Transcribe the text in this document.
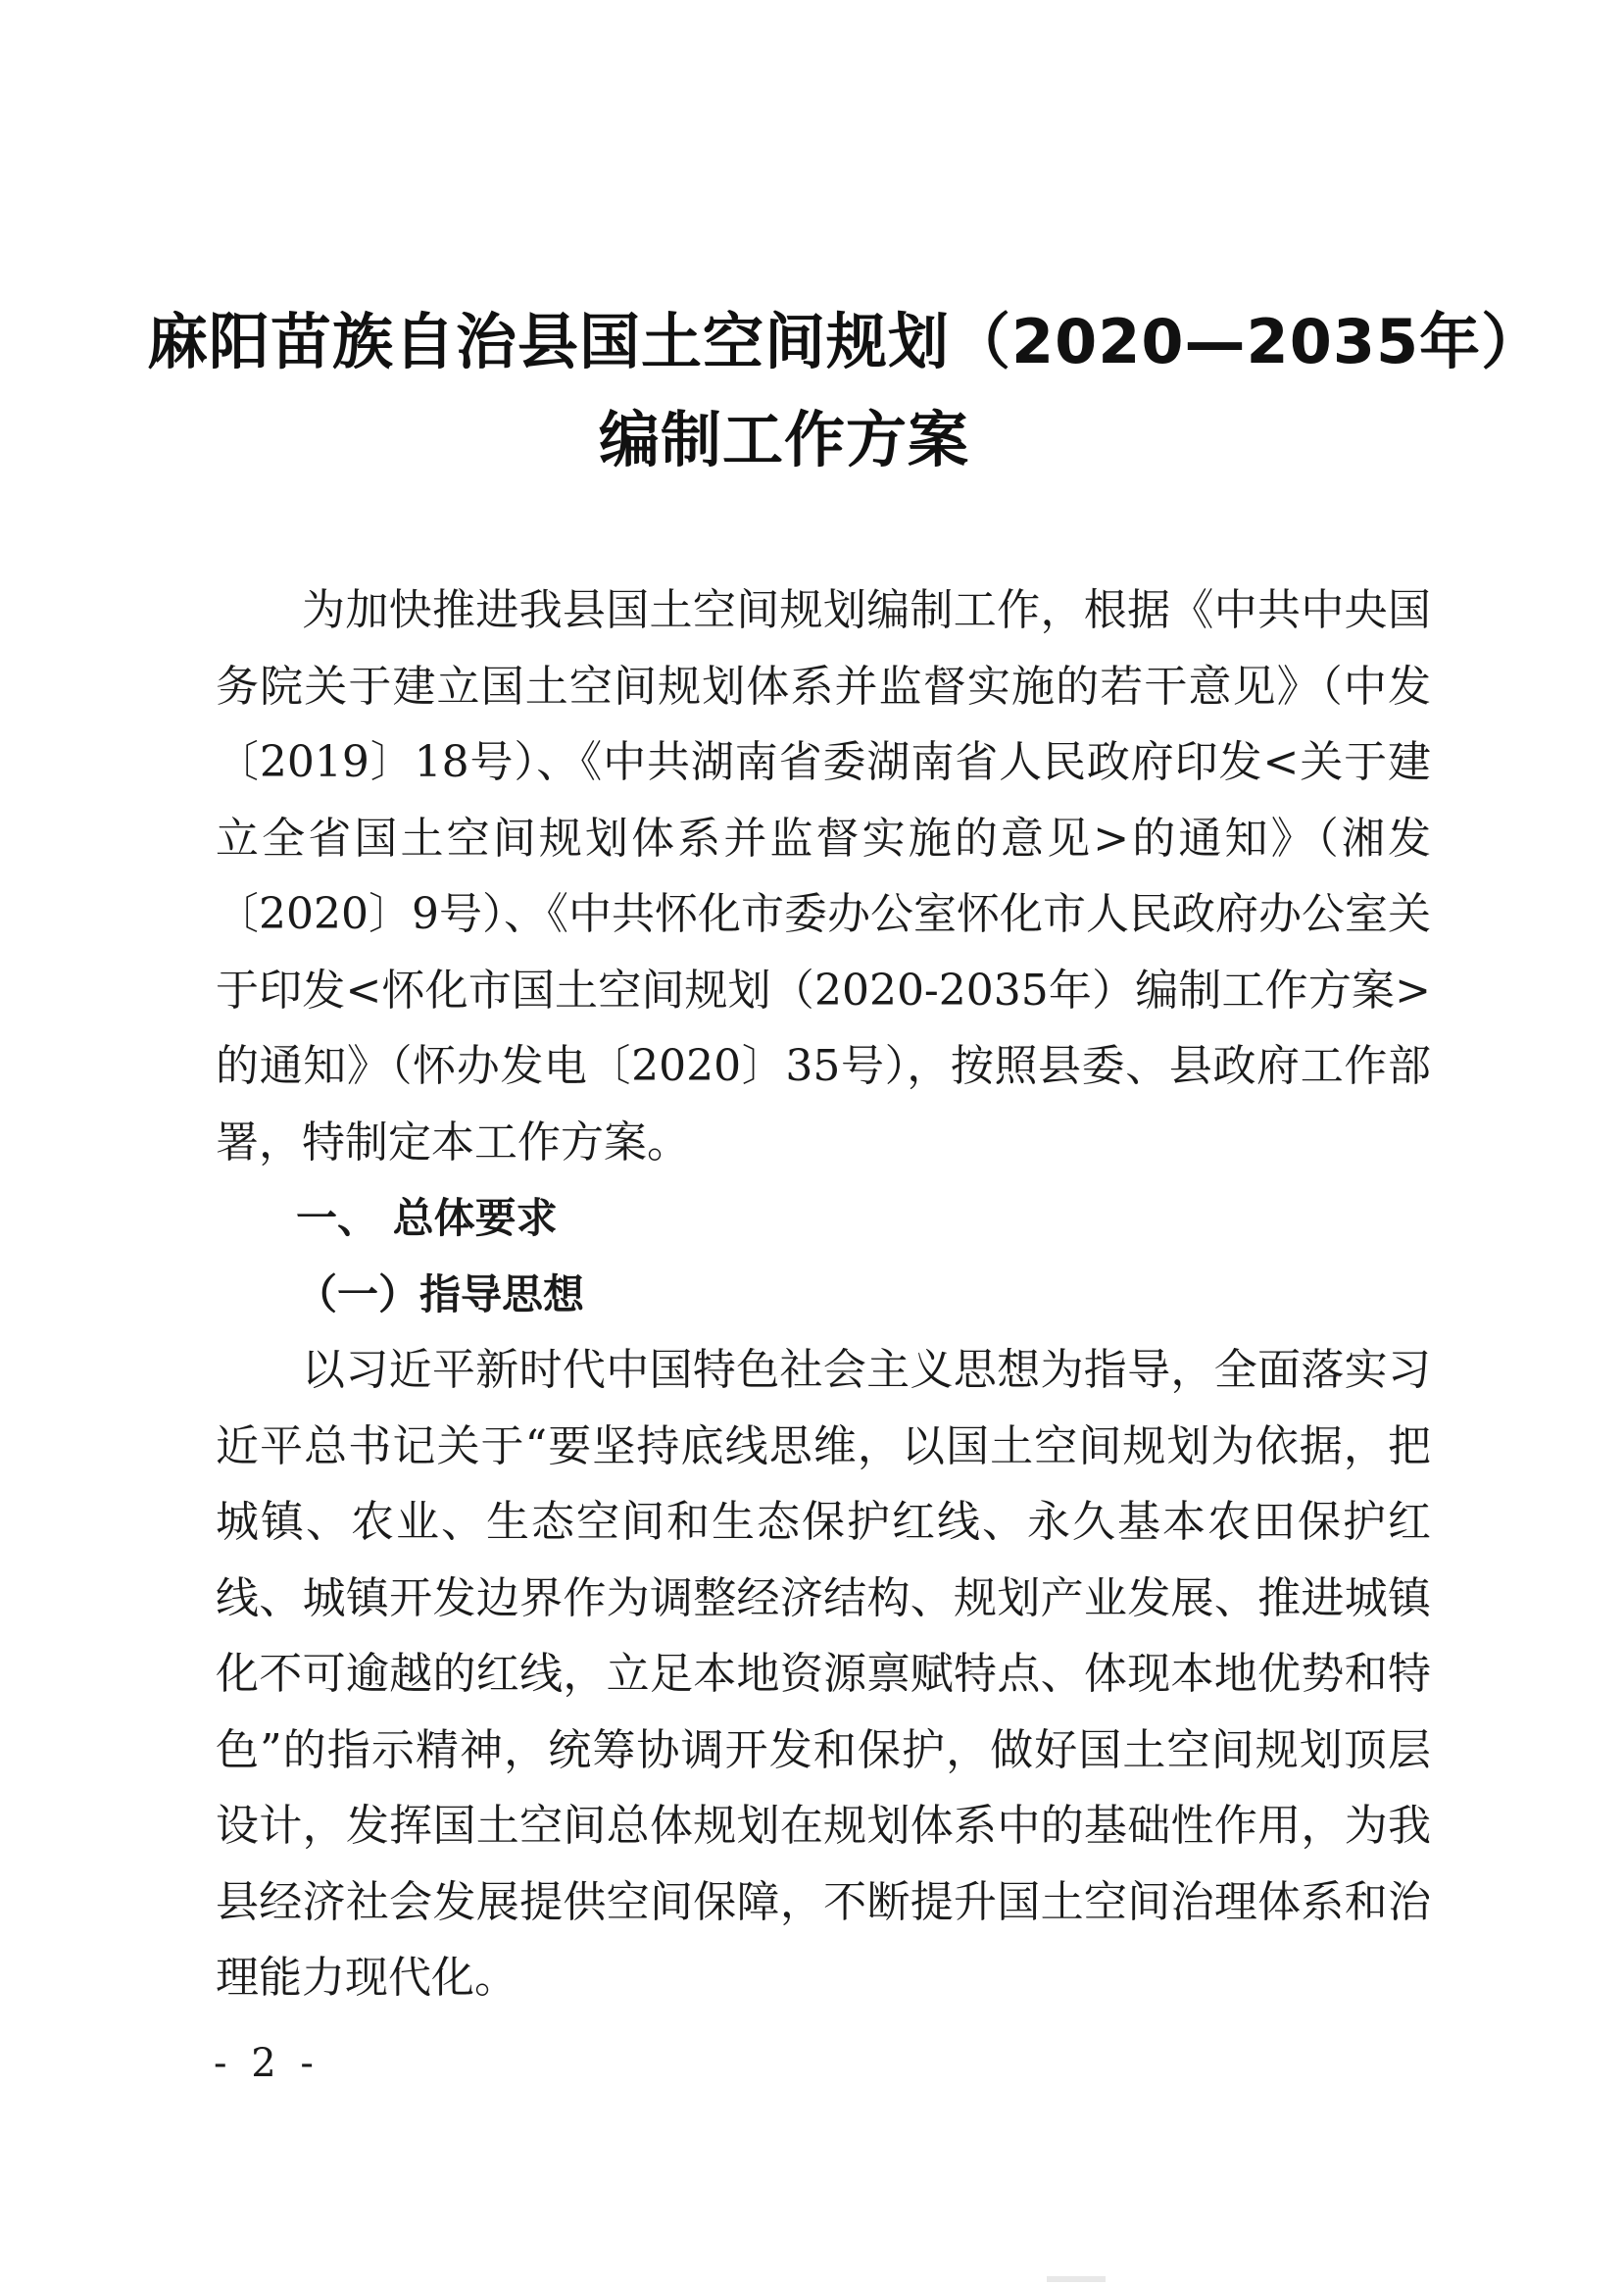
麻阳苗族自治县国土空间规划（2020—2035年）
编制工作方案

为加快推进我县国土空间规划编制工作，根据《中共中央国务院关于建立国土空间规划体系并监督实施的若干意见》（中发〔2019〕18号）、《中共湖南省委湖南省人民政府印发<关于建立全省国土空间规划体系并监督实施的意见>的通知》（湘发〔2020〕9号）、《中共怀化市委办公室怀化市人民政府办公室关于印发<怀化市国土空间规划（2020-2035年）编制工作方案>的通知》（怀办发电〔2020〕35号），按照县委、县政府工作部署，特制定本工作方案。

一、 总体要求

（一）指导思想

以习近平新时代中国特色社会主义思想为指导，全面落实习近平总书记关于“要坚持底线思维，以国土空间规划为依据，把城镇、农业、生态空间和生态保护红线、永久基本农田保护红线、城镇开发边界作为调整经济结构、规划产业发展、推进城镇化不可逾越的红线，立足本地资源禀赋特点、体现本地优势和特色”的指示精神，统筹协调开发和保护，做好国土空间规划顶层设计，发挥国土空间总体规划在规划体系中的基础性作用，为我县经济社会发展提供空间保障，不断提升国土空间治理体系和治理能力现代化。

- 2 -
